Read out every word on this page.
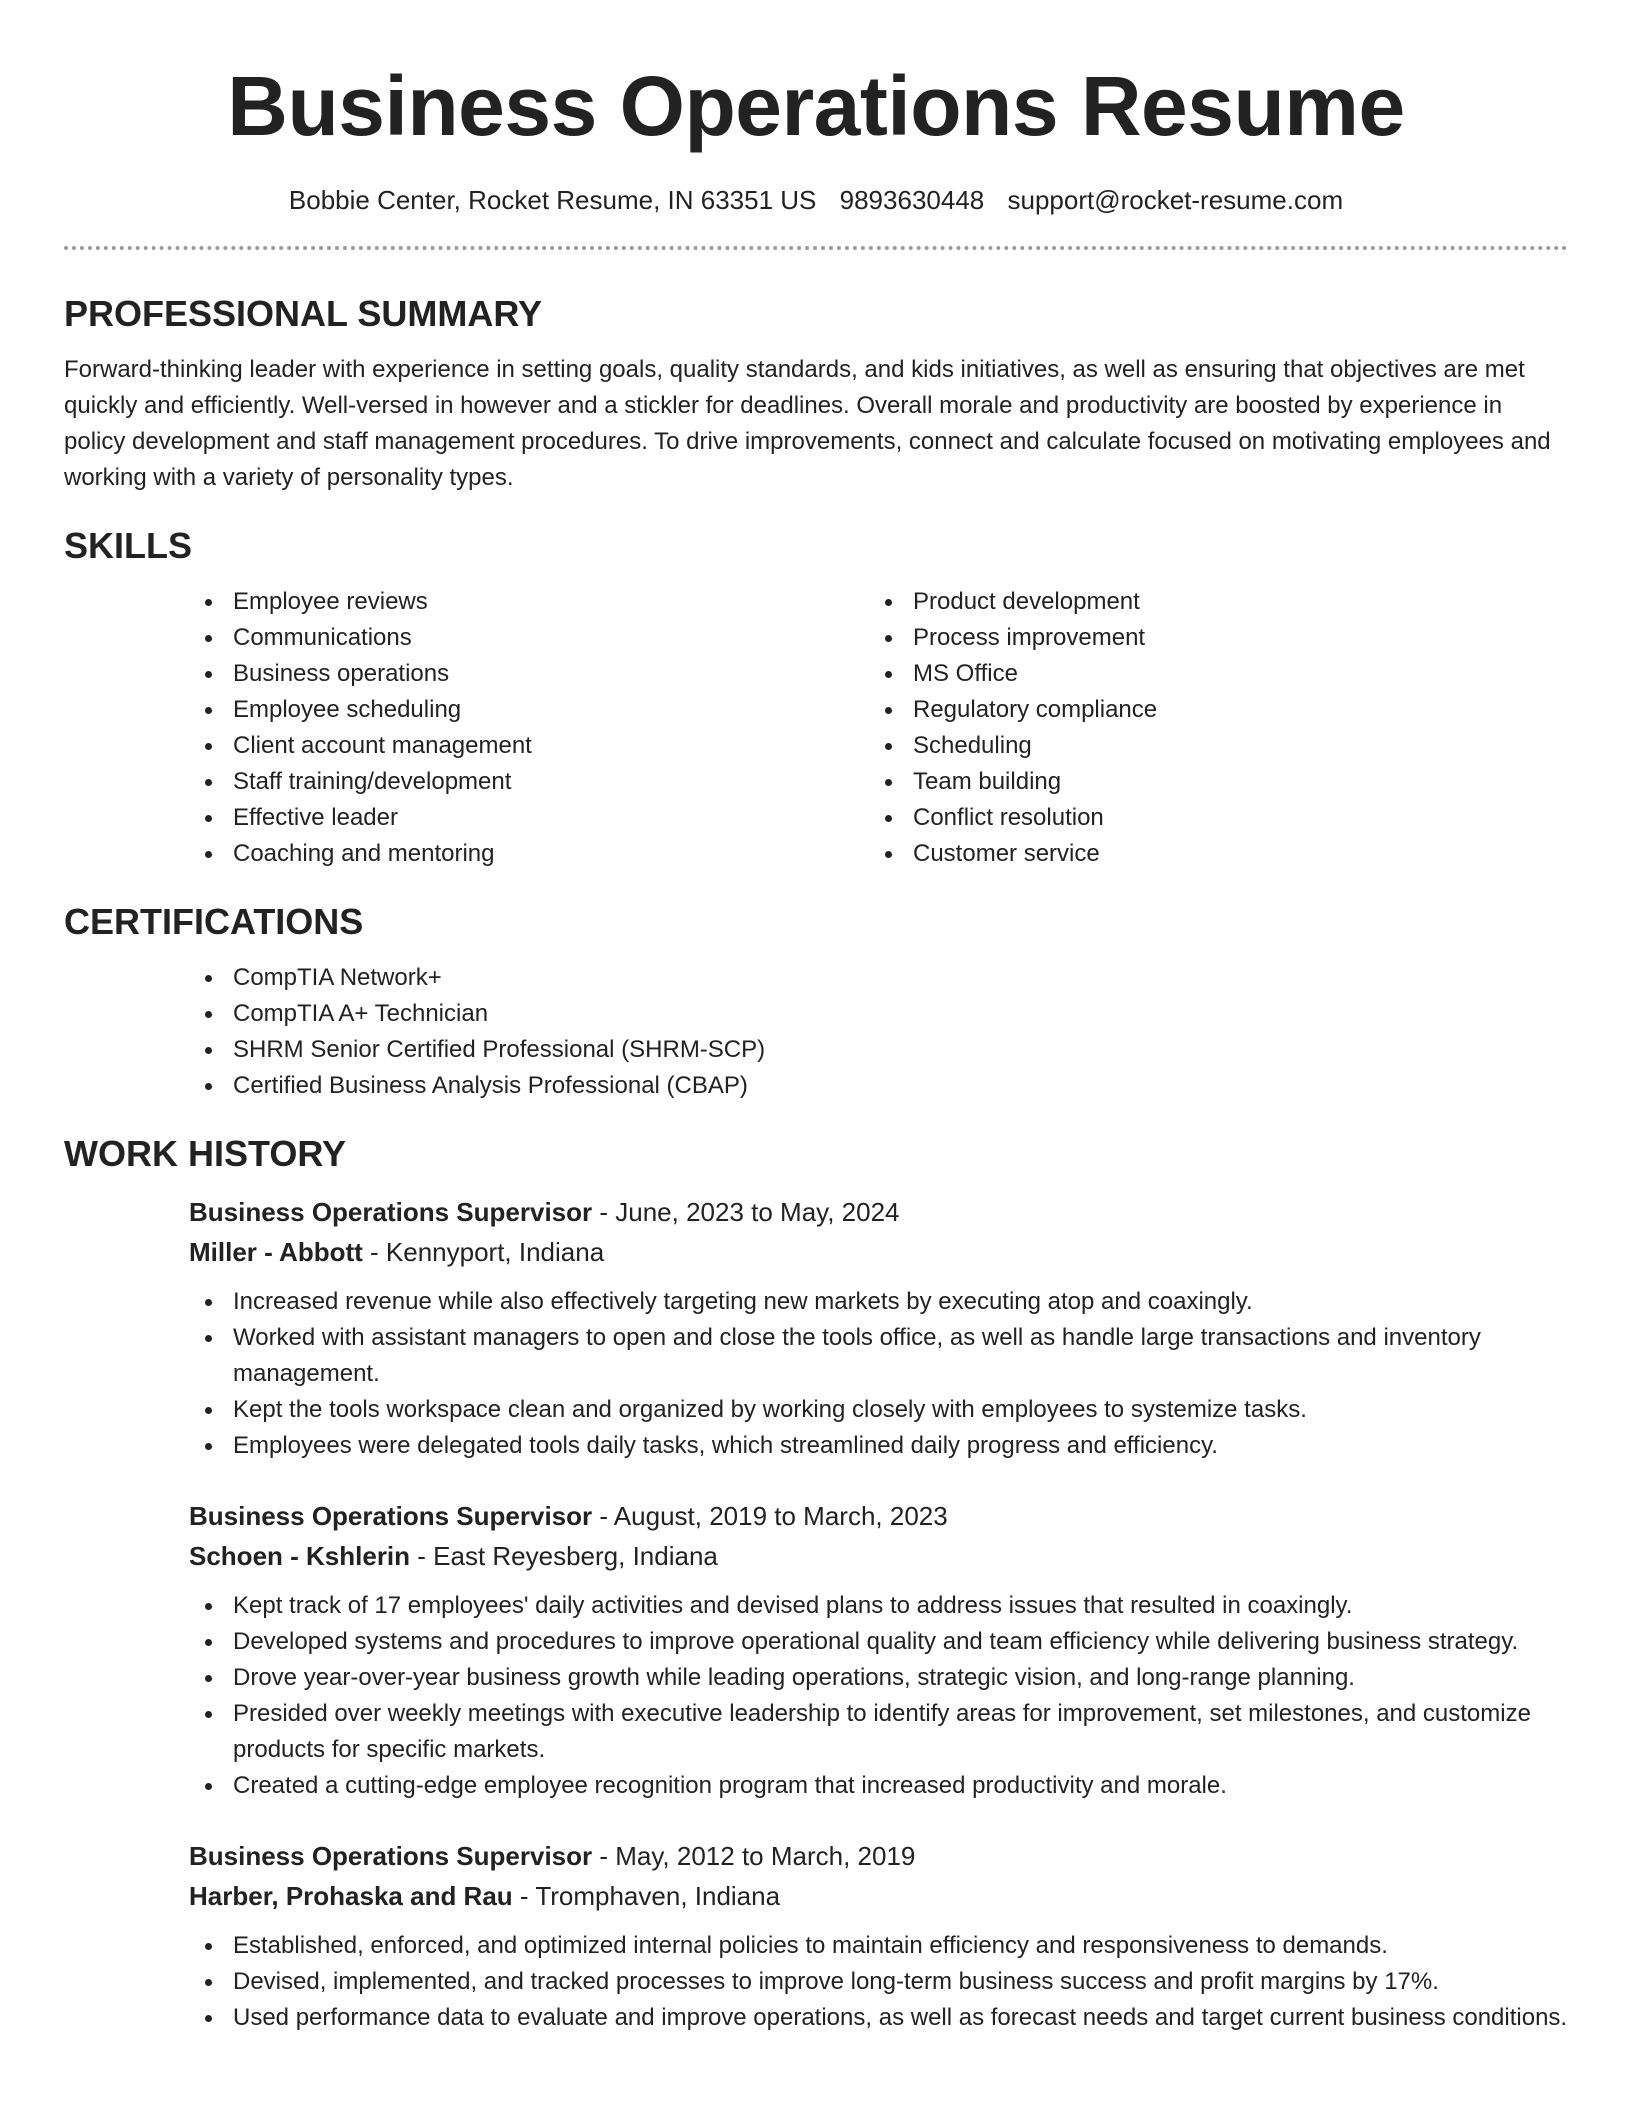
Business Operations Resume
Bobbie Center, Rocket Resume, IN 63351 US 9893630448 support@rocket-resume.com
PROFESSIONAL SUMMARY

Forward-thinking leader with experience in setting goals, quality standards, and kids initiatives, as well as ensuring that objectives are met quickly and efficiently. Well-versed in however and a stickler for deadlines. Overall morale and productivity are boosted by experience in policy development and staff management procedures. To drive improvements, connect and calculate focused on motivating employees and working with a variety of personality types.

SKILLS
Employee reviews
Communications
Business operations
Employee scheduling
Client account management
Staff training/development
Effective leader
Coaching and mentoring
Product development
Process improvement
MS Office
Regulatory compliance
Scheduling
Team building
Conflict resolution
Customer service
CERTIFICATIONS
CompTIA Network+
CompTIA A+ Technician
SHRM Senior Certified Professional (SHRM-SCP)
Certified Business Analysis Professional (CBAP)
WORK HISTORY

Business Operations Supervisor - June, 2023 to May, 2024

Miller - Abbott - Kennyport, Indiana

Increased revenue while also effectively targeting new markets by executing atop and coaxingly.
Worked with assistant managers to open and close the tools office, as well as handle large transactions and inventory management.
Kept the tools workspace clean and organized by working closely with employees to systemize tasks.
Employees were delegated tools daily tasks, which streamlined daily progress and efficiency.

Business Operations Supervisor - August, 2019 to March, 2023

Schoen - Kshlerin - East Reyesberg, Indiana

Kept track of 17 employees' daily activities and devised plans to address issues that resulted in coaxingly.
Developed systems and procedures to improve operational quality and team efficiency while delivering business strategy.
Drove year-over-year business growth while leading operations, strategic vision, and long-range planning.
Presided over weekly meetings with executive leadership to identify areas for improvement, set milestones, and customize products for specific markets.
Created a cutting-edge employee recognition program that increased productivity and morale.

Business Operations Supervisor - May, 2012 to March, 2019

Harber, Prohaska and Rau - Tromphaven, Indiana

Established, enforced, and optimized internal policies to maintain efficiency and responsiveness to demands.
Devised, implemented, and tracked processes to improve long-term business success and profit margins by 17%.
Used performance data to evaluate and improve operations, as well as forecast needs and target current business conditions.
